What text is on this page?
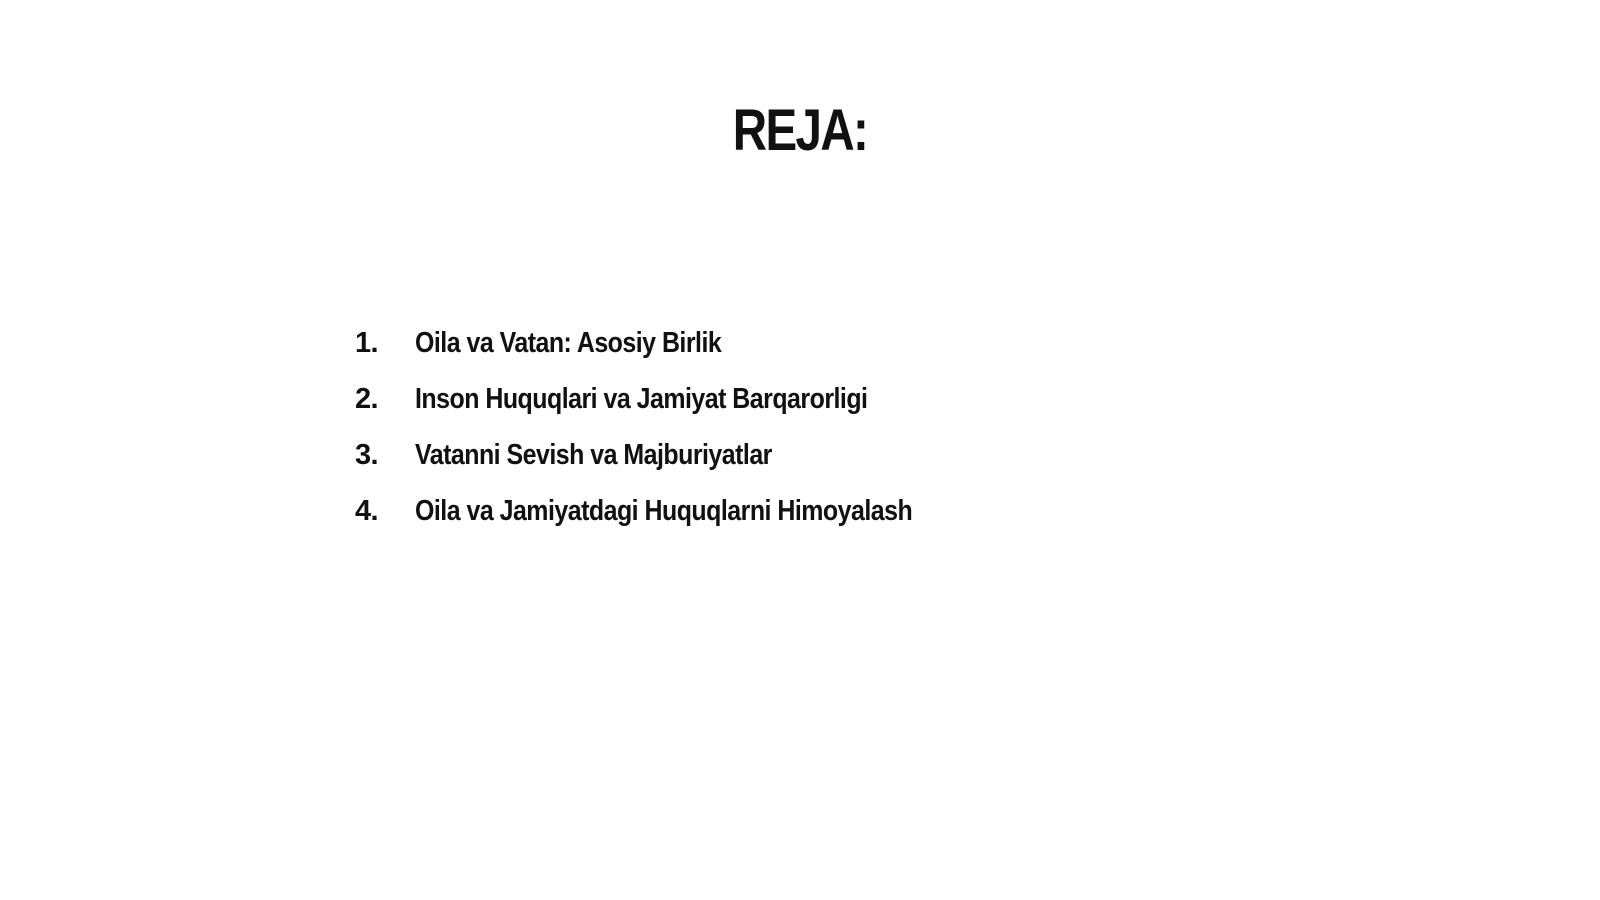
REJA:
1.	Oila va Vatan: Asosiy Birlik
2.	Inson Huquqlari va Jamiyat Barqarorligi
3.	Vatanni Sevish va Majburiyatlar
4.	Oila va Jamiyatdagi Huquqlarni Himoyalash
